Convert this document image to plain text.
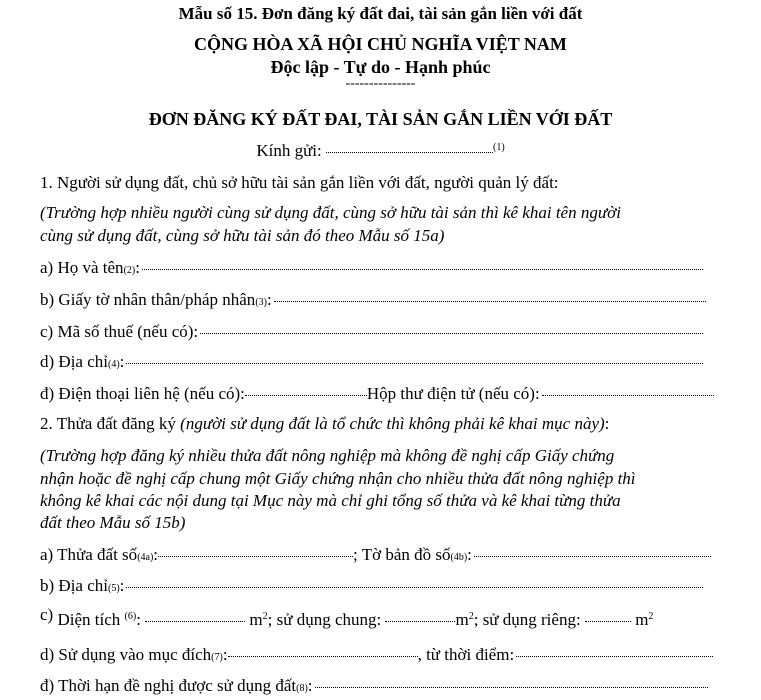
Mẫu số 15. Đơn đăng ký đất đai, tài sản gắn liền với đất
CỘNG HÒA XÃ HỘI CHỦ NGHĨA VIỆT NAM
Độc lập - Tự do - Hạnh phúc
---------------
ĐƠN ĐĂNG KÝ ĐẤT ĐAI, TÀI SẢN GẮN LIỀN VỚI ĐẤT
Kính gửi:	$^{(1)}$
1. Người sử dụng đất, chủ sở hữu tài sản gắn liền với đất, người quản lý đất:
(Trường hợp nhiều người cùng sử dụng đất, cùng sở hữu tài sản thì kê khai tên người
cùng sử dụng đất, cùng sở hữu tài sản đó theo Mẫu số 15a)
a) Họ và tên (2) :
b) Giấy tờ nhân thân/pháp nhân (3) :
c) Mã số thuế (nếu có):
d) Địa chỉ (4) :
đ) Điện thoại liên hệ (nếu có):	Hộp thư điện tử (nếu có):
2. Thửa đất đăng ký (người sử dụng đất là tổ chức thì không phải kê khai mục này):
(Trường hợp đăng ký nhiều thửa đất nông nghiệp mà không đề nghị cấp Giấy chứng
nhận hoặc đề nghị cấp chung một Giấy chứng nhận cho nhiều thửa đất nông nghiệp thì
không kê khai các nội dung tại Mục này mà chỉ ghi tổng số thửa và kê khai từng thửa
đất theo Mẫu số 15b)
a) Thửa đất số (4a) :	; Tờ bản đồ số (4b) :
b) Địa chỉ (5) :
c) Diện tích $^{(6)}$:	$m^2$; sử dụng chung:	$m^2$; sử dụng riêng:	$m^2$
d) Sử dụng vào mục đích (7) :	, từ thời điểm:
đ) Thời hạn đề nghị được sử dụng đất (8) :
